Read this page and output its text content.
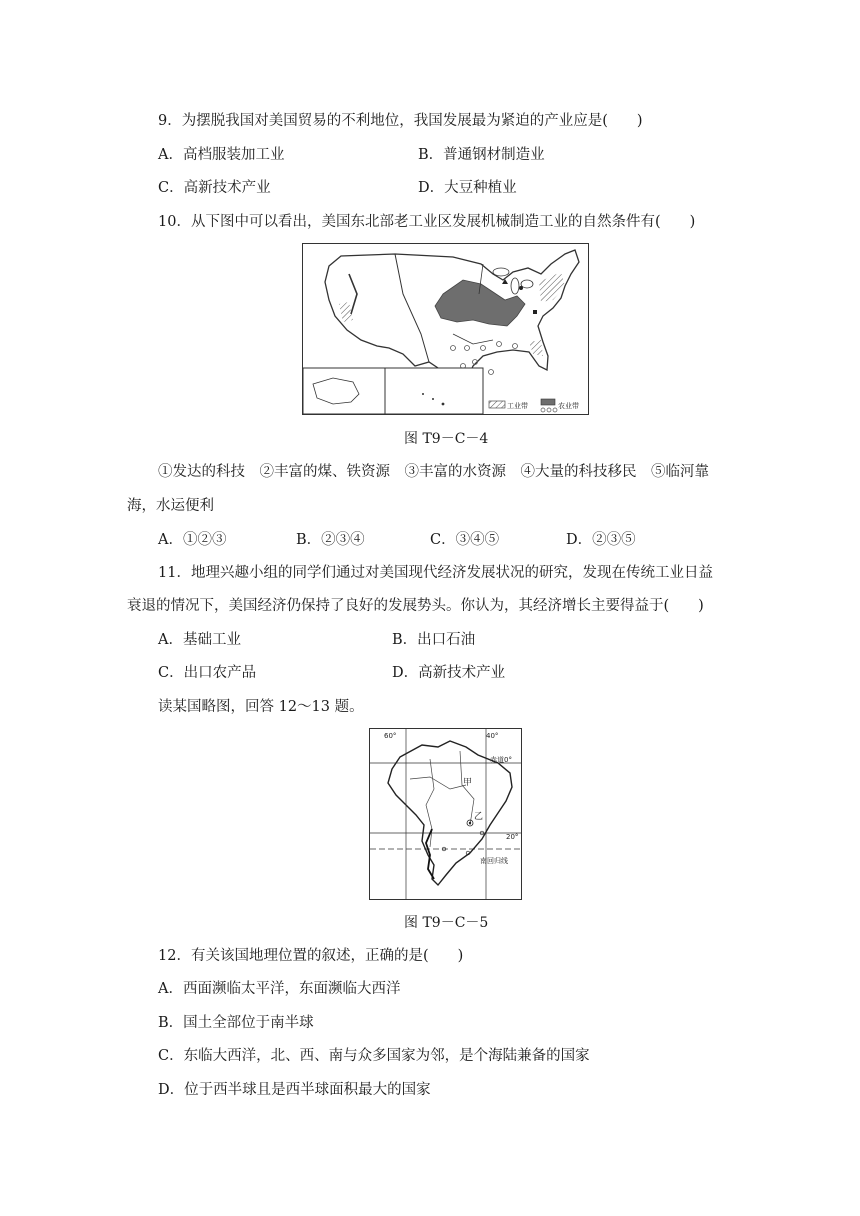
9．为摆脱我国对美国贸易的不利地位，我国发展最为紧迫的产业应是(　　)
A．高档服装加工业	B．普通钢材制造业
C．高新技术产业	D．大豆种植业
10．从下图中可以看出，美国东北部老工业区发展机械制造工业的自然条件有(　　)
工业带	农业带
图 T9－C－4
①发达的科技　②丰富的煤、铁资源　③丰富的水资源　④大量的科技移民　⑤临河靠
海，水运便利
A．①②③	B．②③④	C．③④⑤	D．②③⑤
11．地理兴趣小组的同学们通过对美国现代经济发展状况的研究，发现在传统工业日益
衰退的情况下，美国经济仍保持了良好的发展势头。你认为，其经济增长主要得益于(　　)
A．基础工业	B．出口石油
C．出口农产品	D．高新技术产业
读某国略图，回答 12～13 题。
60°	40°
赤道0°
20°
南回归线
甲
乙
图 T9－C－5
12．有关该国地理位置的叙述，正确的是(　　)
A．西面濒临太平洋，东面濒临大西洋
B．国土全部位于南半球
C．东临大西洋，北、西、南与众多国家为邻，是个海陆兼备的国家
D．位于西半球且是西半球面积最大的国家
